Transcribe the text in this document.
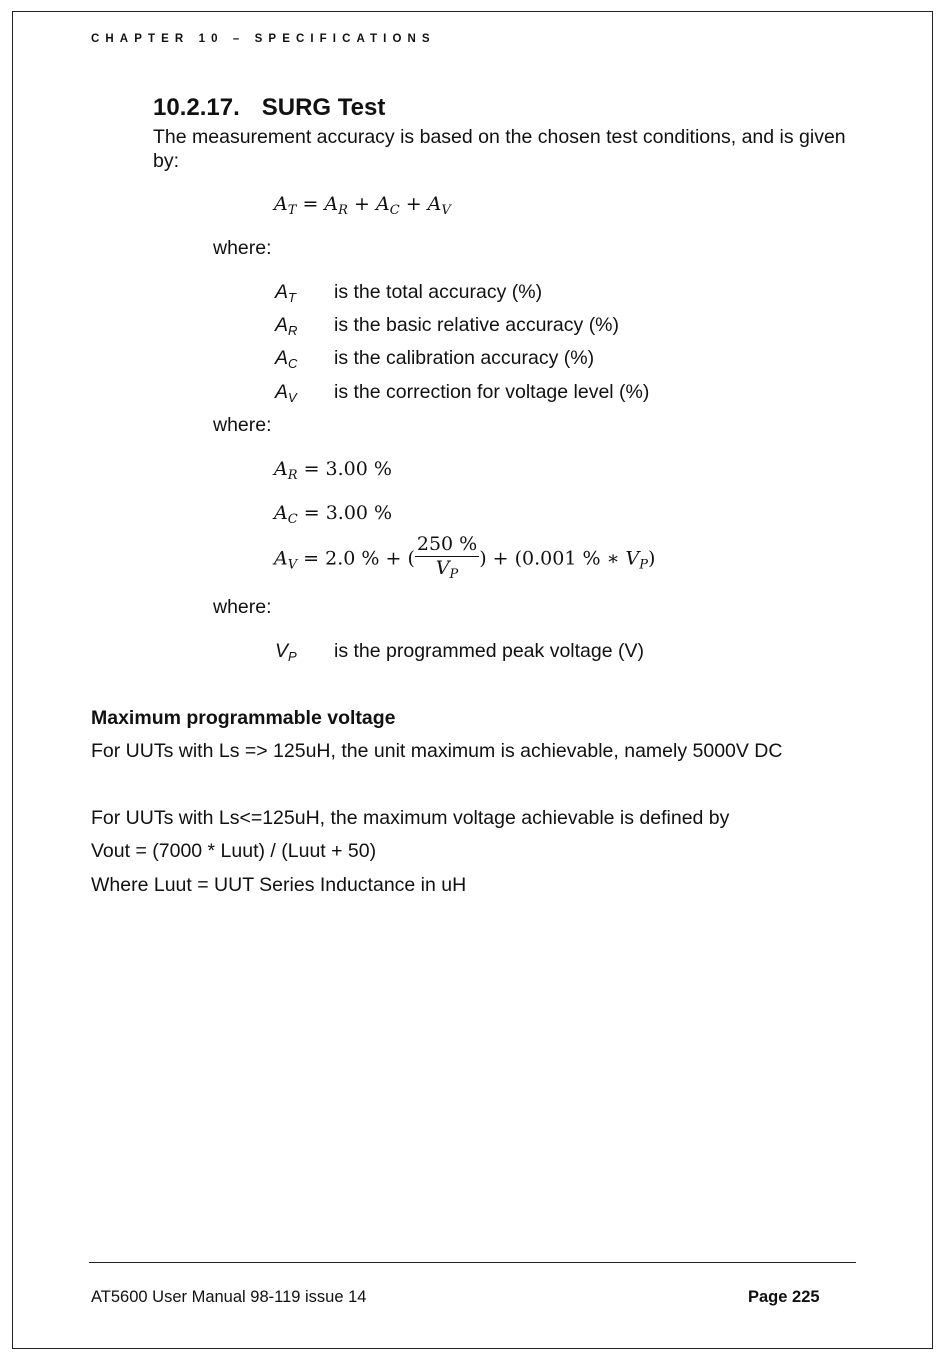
CHAPTER 10 – SPECIFICATIONS
10.2.17. SURG Test
The measurement accuracy is based on the chosen test conditions, and is given by:
$A_T = A_R + A_C + A_V$
where:
$A_T$ is the total accuracy (%)
$A_R$ is the basic relative accuracy (%)
$A_C$ is the calibration accuracy (%)
$A_V$ is the correction for voltage level (%)
where:
$A_R = 3.00$ %
$A_C = 3.00$ %
$A_V = 2.0$ % + ( $\frac{250 \%}{V_P}$ ) + (0.001 % ∗ $V_P$)
where:
$V_P$ is the programmed peak voltage (V)
Maximum programmable voltage
For UUTs with Ls => 125uH, the unit maximum is achievable, namely 5000V DC
For UUTs with Ls<=125uH, the maximum voltage achievable is defined by
Vout = (7000 * Luut) / (Luut + 50)
Where Luut = UUT Series Inductance in uH
AT5600 User Manual 98-119 issue 14	Page 225
